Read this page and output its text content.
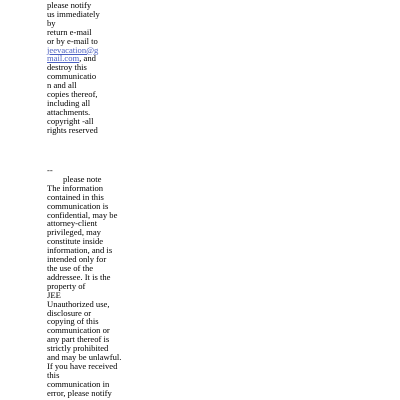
please notify
us immediately
by
return e-mail
or by e-mail to
jeevacation@g
mail.com, and
destroy this
communicatio
n and all
copies thereof,
including all
attachments.
copyright -all
rights reserved
--
please note
The information
contained in this
communication is
confidential, may be
attorney-client
privileged, may
constitute inside
information, and is
intended only for
the use of the
addressee. It is the
property of
JEE
Unauthorized use,
disclosure or
copying of this
communication or
any part thereof is
strictly prohibited
and may be unlawful.
If you have received
this
communication in
error, please notify
